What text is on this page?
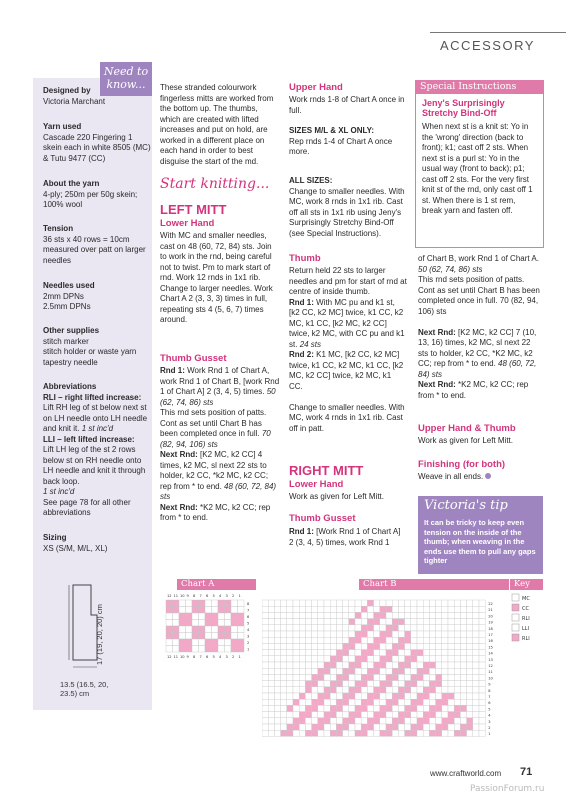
ACCESSORY
Need to know...
Designed by
Victoria Marchant
Yarn used
Cascade 220 Fingering 1 skein each in white 8505 (MC) & Tutu 9477 (CC)
About the yarn
4-ply; 250m per 50g skein; 100% wool
Tension
36 sts x 40 rows = 10cm measured over patt on larger needles
Needles used
2mm DPNs
2.5mm DPNs
Other supplies
stitch marker
stitch holder or waste yarn
tapestry needle
Abbreviations
RLI – right lifted increase:
Lift RH leg of st below next st on LH needle onto LH needle and knit it. 1 st inc'd
LLI – left lifted increase:
Lift LH leg of the st 2 rows below st on RH needle onto LH needle and knit it through back loop.
1 st inc'd
See page 78 for all other abbreviations
Sizing
XS (S/M, M/L, XL)
17 (19, 20, 20) cm
13.5 (16.5, 20, 23.5) cm
These stranded colourwork fingerless mitts are worked from the bottom up. The thumbs, which are created with lifted increases and put on hold, are worked in a different place on each hand in order to best disguise the start of the md.
Start knitting...
LEFT MITT
Lower Hand
With MC and smaller needles, cast on 48 (60, 72, 84) sts. Join to work in the rnd, being careful not to twist. Pm to mark start of rnd. Work 12 rnds in 1x1 rib. Change to larger needles. Work Chart A 2 (3, 3, 3) times in full, repeating sts 4 (5, 6, 7) times around.
Thumb Gusset
Rnd 1: Work Rnd 1 of Chart A, work Rnd 1 of Chart B, [work Rnd 1 of Chart A] 2 (3, 4, 5) times. 50 (62, 74, 86) sts
This rnd sets position of patts. Cont as set until Chart B has been completed once in full. 70 (82, 94, 106) sts
Next Rnd: [K2 MC, k2 CC] 4 times, k2 MC, sl next 22 sts to holder, k2 CC, *k2 MC, k2 CC; rep from * to end. 48 (60, 72, 84) sts
Next Rnd: *K2 MC, k2 CC; rep from * to end.
Upper Hand
Work rnds 1-8 of Chart A once in full.
SIZES M/L & XL ONLY:
Rep rnds 1-4 of Chart A once more.
ALL SIZES:
Change to smaller needles. With MC, work 8 rnds in 1x1 rib. Cast off all sts in 1x1 rib using Jeny's Surprisingly Stretchy Bind-Off (see Special Instructions).
Thumb
Return held 22 sts to larger needles and pm for start of rnd at centre of inside thumb.
Rnd 1: With MC pu and k1 st, [k2 CC, k2 MC] twice, k1 CC, k2 MC, k1 CC, [k2 MC, k2 CC] twice, k2 MC, with CC pu and k1 st. 24 sts
Rnd 2: K1 MC, [k2 CC, k2 MC] twice, k1 CC, k2 MC, k1 CC, [k2 MC, k2 CC] twice, k2 MC, k1 CC.

Change to smaller needles. With MC, work 4 rnds in 1x1 rib. Cast off in patt.
RIGHT MITT
Lower Hand
Work as given for Left Mitt.
Thumb Gusset
Rnd 1: [Work Rnd 1 of Chart A] 2 (3, 4, 5) times, work Rnd 1
Special Instructions
Jeny's Surprisingly Stretchy Bind-Off
When next st is a knit st: Yo in the 'wrong' direction (back to front); k1; cast off 2 sts. When next st is a purl st: Yo in the usual way (front to back); p1; cast off 2 sts. For the very first knit st of the rnd, only cast off 1 st. When there is 1 st rem, break yarn and fasten off.
of Chart B, work Rnd 1 of Chart A. 50 (62, 74, 86) sts
This rnd sets position of patts. Cont as set until Chart B has been completed once in full. 70 (82, 94, 106) sts

Next Rnd: [K2 MC, k2 CC] 7 (10, 13, 16) times, k2 MC, sl next 22 sts to holder, k2 CC, *K2 MC, k2 CC; rep from * to end. 48 (60, 72, 84) sts
Next Rnd: *K2 MC, k2 CC; rep from * to end.
Upper Hand & Thumb
Work as given for Left Mitt.
Finishing (for both)
Weave in all ends.
Victoria's tip
It can be tricky to keep even tension on the inside of the thumb; when weaving in the ends use them to pull any gaps tighter
Chart A	Chart B	Key
12 11 10 9 8 7 6 5 4 3 2 1
8
7
6
5
4
3
2
1
12 11 10 9 8 7 6 5 4 3 2 1
22
21
20
19
18
17
16
15
14
13
12
11
10
9
8
7
6
5
4
3
2
1
MC
CC
RLI
LLI
RLI
www.craftworld.com 71
PassionForum.ru
